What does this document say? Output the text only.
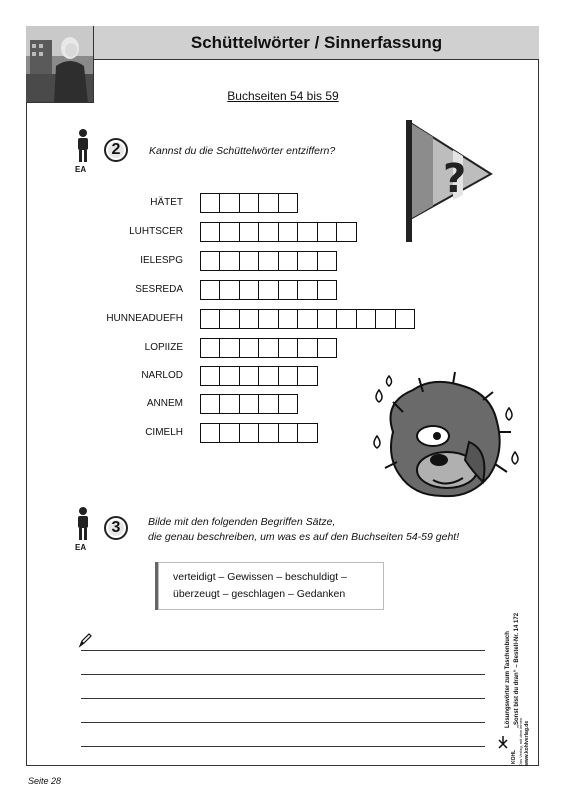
Schüttelwörter / Sinnerfassung
Buchseiten 54 bis 59
EA
2	Kannst du die Schüttelwörter entziffern?
?
HÄTET
LUHTSCER
IELESPG
SESREDA
HUNNEADUEFH
LOPIIZE
NARLOD
ANNEM
CIMELH
EA
3	Bilde mit den folgenden Begriffen Sätze,
die genau beschreiben, um was es auf den Buchseiten 54-59 geht!
verteidigt – Gewissen – beschuldigt –
überzeugt – geschlagen – Gedanken
Lösungswörter zum Taschenbuch „Sonst bist du dran“ – Bestell-Nr. 14 172
KOHL Das Verlag, mit dem lernen www.kohlverlag.de
Seite 28
